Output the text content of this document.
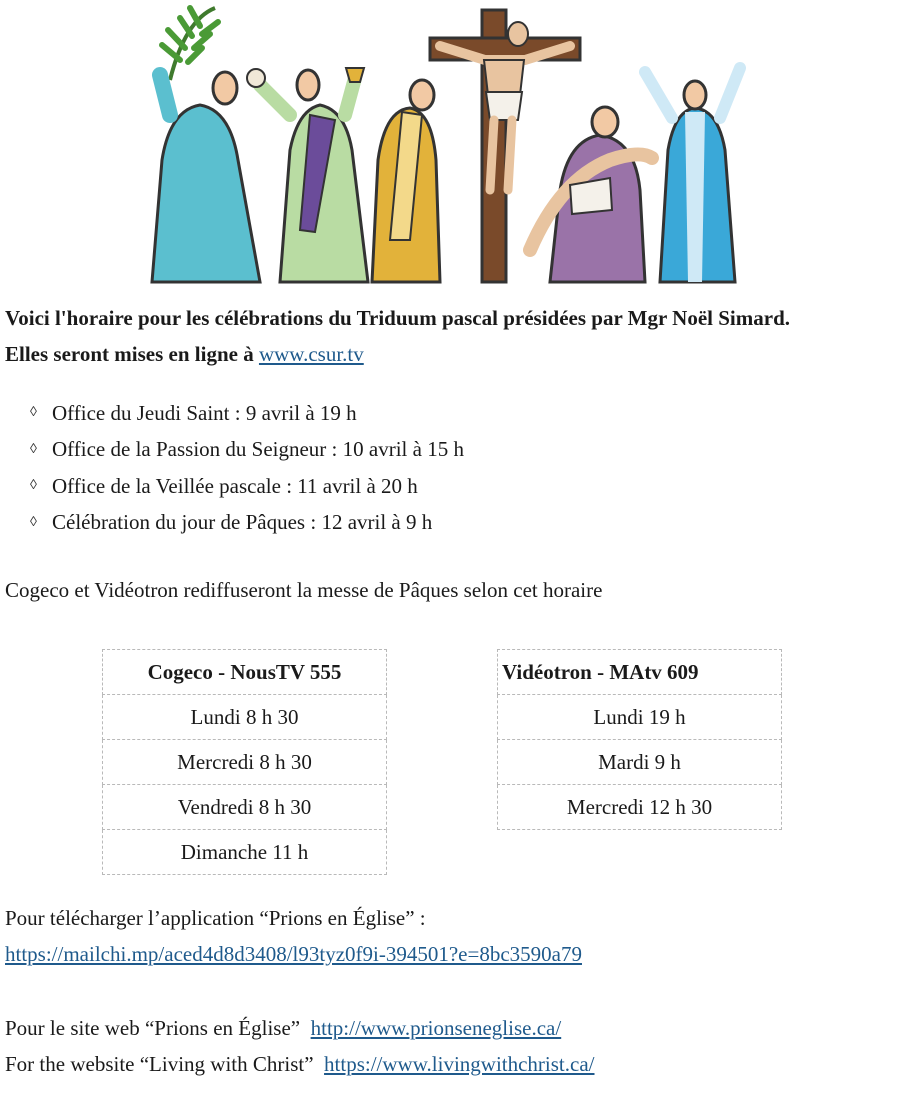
Voici l'horaire pour les célébrations du Triduum pascal présidées par Mgr Noël Simard.
Elles seront mises en ligne à www.csur.tv
◊ Office du Jeudi Saint : 9 avril à 19 h
◊ Office de la Passion du Seigneur : 10 avril à 15 h
◊ Office de la Veillée pascale : 11 avril à 20 h
◊ Célébration du jour de Pâques : 12 avril à 9 h
Cogeco et Vidéotron rediffuseront la messe de Pâques selon cet horaire
Cogeco - NousTV 555
Lundi 8 h 30
Mercredi 8 h 30
Vendredi 8 h 30
Dimanche 11 h
Vidéotron - MAtv 609
Lundi 19 h
Mardi 9 h
Mercredi 12 h 30
Pour télécharger l’application “Prions en Église” :
https://mailchi.mp/aced4d8d3408/l93tyz0f9i-394501?e=8bc3590a79
Pour le site web “Prions en Église” http://www.prionseneglise.ca/
For the website “Living with Christ” https://www.livingwithchrist.ca/
